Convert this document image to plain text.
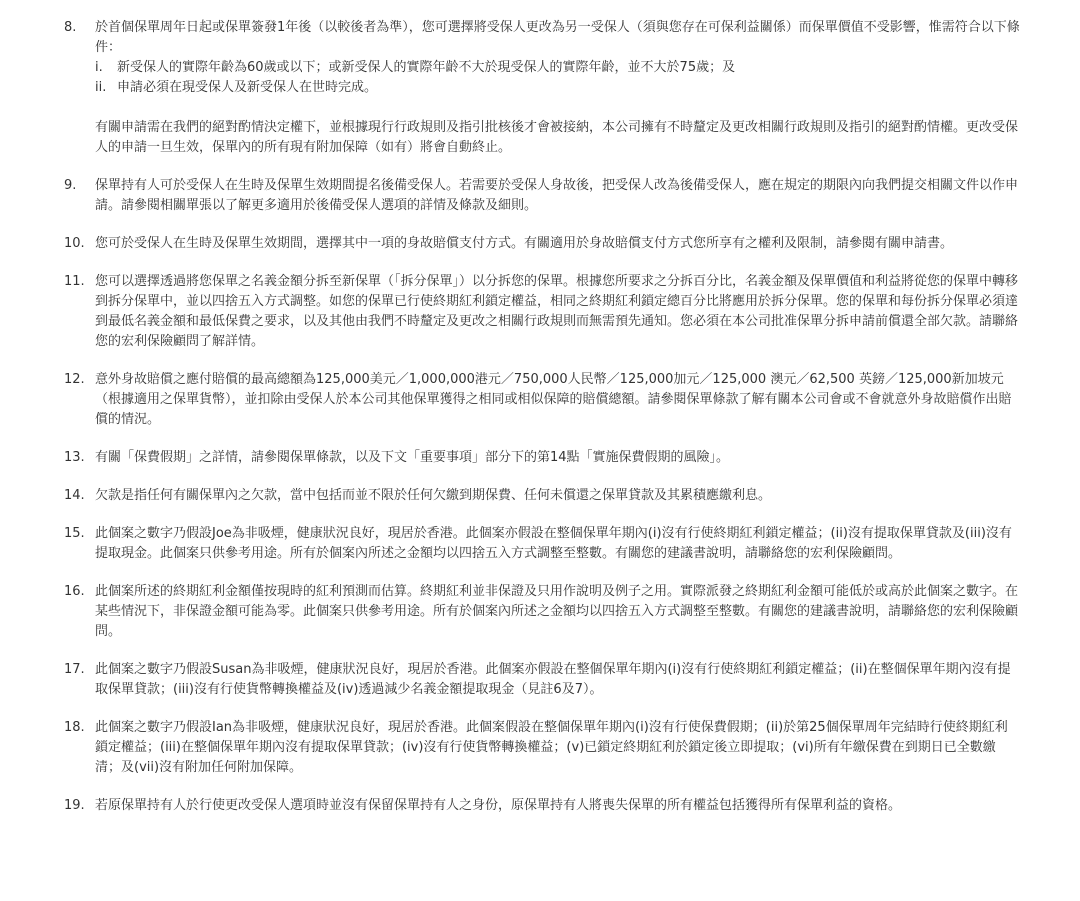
8.	於首個保單周年日起或保單簽發1年後（以較後者為準），您可選擇將受保人更改為另一受保人（須與您存在可保利益關係）而保單價值不受影響，惟需符合以下條件：
i. 新受保人的實際年齡為60歲或以下；或新受保人的實際年齡不大於現受保人的實際年齡，並不大於75歲；及
ii. 申請必須在現受保人及新受保人在世時完成。
有關申請需在我們的絕對酌情決定權下，並根據現行行政規則及指引批核後才會被接納，本公司擁有不時釐定及更改相關行政規則及指引的絕對酌情權。更改受保人的申請一旦生效，保單內的所有現有附加保障（如有）將會自動終止。
9.	保單持有人可於受保人在生時及保單生效期間提名後備受保人。若需要於受保人身故後，把受保人改為後備受保人，應在規定的期限內向我們提交相關文件以作申請。請參閱相關單張以了解更多適用於後備受保人選項的詳情及條款及細則。
10. 您可於受保人在生時及保單生效期間，選擇其中一項的身故賠償支付方式。有關適用於身故賠償支付方式您所享有之權利及限制，請參閱有關申請書。
11. 您可以選擇透過將您保單之名義金額分拆至新保單（「拆分保單」）以分拆您的保單。根據您所要求之分拆百分比，名義金額及保單價值和利益將從您的保單中轉移到拆分保單中，並以四捨五入方式調整。如您的保單已行使終期紅利鎖定權益，相同之終期紅利鎖定總百分比將應用於拆分保單。您的保單和每份拆分保單必須達到最低名義金額和最低保費之要求，以及其他由我們不時釐定及更改之相關行政規則而無需預先通知。您必須在本公司批准保單分拆申請前償還全部欠款。請聯絡您的宏利保險顧問了解詳情。
12. 意外身故賠償之應付賠償的最高總額為125,000美元／1,000,000港元／750,000人民幣／125,000加元／125,000 澳元／62,500 英鎊／125,000新加坡元（根據適用之保單貨幣），並扣除由受保人於本公司其他保單獲得之相同或相似保障的賠償總額。請參閱保單條款了解有關本公司會或不會就意外身故賠償作出賠償的情況。
13. 有關「保費假期」之詳情，請參閱保單條款，以及下文「重要事項」部分下的第14點「實施保費假期的風險」。
14. 欠款是指任何有關保單內之欠款，當中包括而並不限於任何欠繳到期保費、任何未償還之保單貸款及其累積應繳利息。
15. 此個案之數字乃假設Joe為非吸煙，健康狀況良好，現居於香港。此個案亦假設在整個保單年期內(i)沒有行使終期紅利鎖定權益；(ii)沒有提取保單貸款及(iii)沒有提取現金。此個案只供參考用途。所有於個案內所述之金額均以四捨五入方式調整至整數。有關您的建議書說明，請聯絡您的宏利保險顧問。
16. 此個案所述的終期紅利金額僅按現時的紅利預測而估算。終期紅利並非保證及只用作說明及例子之用。實際派發之終期紅利金額可能低於或高於此個案之數字。在某些情況下，非保證金額可能為零。此個案只供參考用途。所有於個案內所述之金額均以四捨五入方式調整至整數。有關您的建議書說明，請聯絡您的宏利保險顧問。
17. 此個案之數字乃假設Susan為非吸煙，健康狀況良好，現居於香港。此個案亦假設在整個保單年期內(i)沒有行使終期紅利鎖定權益；(ii)在整個保單年期內沒有提取保單貸款；(iii)沒有行使貨幣轉換權益及(iv)透過減少名義金額提取現金（見註6及7）。
18. 此個案之數字乃假設Ian為非吸煙，健康狀況良好，現居於香港。此個案假設在整個保單年期內(i)沒有行使保費假期；(ii)於第25個保單周年完結時行使終期紅利鎖定權益；(iii)在整個保單年期內沒有提取保單貸款；(iv)沒有行使貨幣轉換權益；(v)已鎖定終期紅利於鎖定後立即提取；(vi)所有年繳保費在到期日已全數繳清；及(vii)沒有附加任何附加保障。
19. 若原保單持有人於行使更改受保人選項時並沒有保留保單持有人之身份，原保單持有人將喪失保單的所有權益包括獲得所有保單利益的資格。
